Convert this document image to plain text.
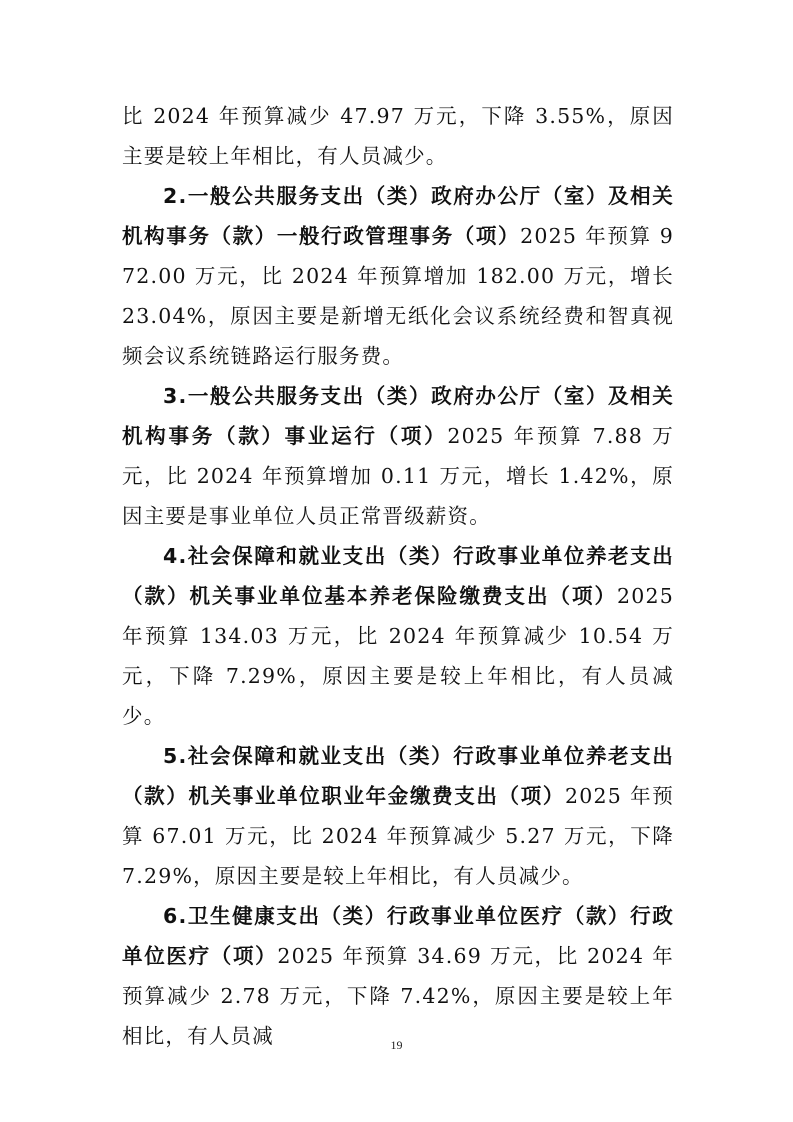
比 2024 年预算减少 47.97 万元，下降 3.55%，原因主要是较上年相比，有人员减少。

2.一般公共服务支出（类）政府办公厅（室）及相关机构事务（款）一般行政管理事务（项）2025 年预算 972.00 万元，比 2024 年预算增加 182.00 万元，增长 23.04%，原因主要是新增无纸化会议系统经费和智真视频会议系统链路运行服务费。

3.一般公共服务支出（类）政府办公厅（室）及相关机构事务（款）事业运行（项）2025 年预算 7.88 万元，比 2024 年预算增加 0.11 万元，增长 1.42%，原因主要是事业单位人员正常晋级薪资。

4.社会保障和就业支出（类）行政事业单位养老支出（款）机关事业单位基本养老保险缴费支出（项）2025 年预算 134.03 万元，比 2024 年预算减少 10.54 万元，下降 7.29%，原因主要是较上年相比，有人员减少。

5.社会保障和就业支出（类）行政事业单位养老支出（款）机关事业单位职业年金缴费支出（项）2025 年预算 67.01 万元，比 2024 年预算减少 5.27 万元，下降 7.29%，原因主要是较上年相比，有人员减少。

6.卫生健康支出（类）行政事业单位医疗（款）行政单位医疗（项）2025 年预算 34.69 万元，比 2024 年预算减少 2.78 万元，下降 7.42%，原因主要是较上年相比，有人员减	19
